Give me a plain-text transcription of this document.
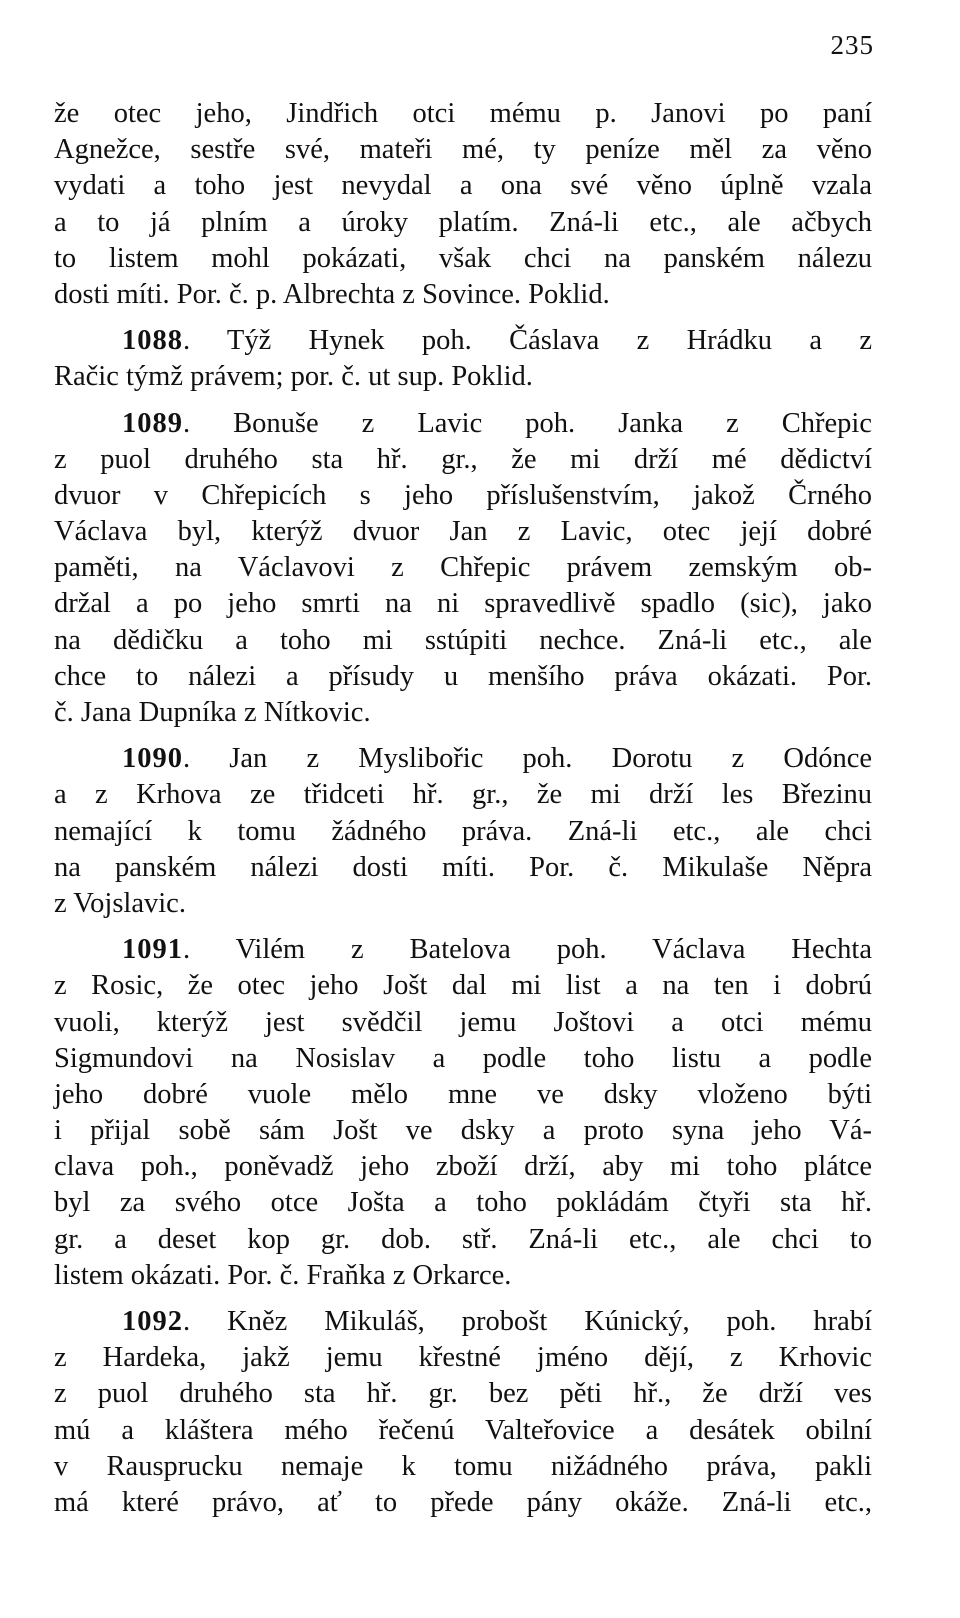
235
že otec jeho, Jindřich otci mému p. Janovi po paní
Agnežce, sestře své, mateři mé, ty peníze měl za věno
vydati a toho jest nevydal a ona své věno úplně vzala
a to já plním a úroky platím. Zná-li etc., ale ačbych
to listem mohl pokázati, však chci na panském nálezu
dosti míti. Por. č. p. Albrechta z Sovince. Poklid.
1088. Týž Hynek poh. Čáslava z Hrádku a z
Račic týmž právem; por. č. ut sup. Poklid.
1089. Bonuše z Lavic poh. Janka z Chřepic
z puol druhého sta hř. gr., že mi drží mé dědictví
dvuor v Chřepicích s jeho příslušenstvím, jakož Črného
Václava byl, kterýž dvuor Jan z Lavic, otec její dobré
paměti, na Václavovi z Chřepic právem zemským ob-
držal a po jeho smrti na ni spravedlivě spadlo (sic), jako
na dědičku a toho mi sstúpiti nechce. Zná-li etc., ale
chce to nálezi a přísudy u menšího práva okázati. Por.
č. Jana Dupníka z Nítkovic.
1090. Jan z Myslibořic poh. Dorotu z Odónce
a z Krhova ze třidceti hř. gr., že mi drží les Březinu
nemající k tomu žádného práva. Zná-li etc., ale chci
na panském nálezi dosti míti. Por. č. Mikulaše Něpra
z Vojslavic.
1091. Vilém z Batelova poh. Václava Hechta
z Rosic, že otec jeho Jošt dal mi list a na ten i dobrú
vuoli, kterýž jest svědčil jemu Joštovi a otci mému
Sigmundovi na Nosislav a podle toho listu a podle
jeho dobré vuole mělo mne ve dsky vloženo býti
i přijal sobě sám Jošt ve dsky a proto syna jeho Vá-
clava poh., poněvadž jeho zboží drží, aby mi toho plátce
byl za svého otce Jošta a toho pokládám čtyři sta hř.
gr. a deset kop gr. dob. stř. Zná-li etc., ale chci to
listem okázati. Por. č. Fraňka z Orkarce.
1092. Kněz Mikuláš, probošt Kúnický, poh. hrabí
z Hardeka, jakž jemu křestné jméno dějí, z Krhovic
z puol druhého sta hř. gr. bez pěti hř., že drží ves
mú a kláštera mého řečenú Valteřovice a desátek obilní
v Rausprucku nemaje k tomu nižádného práva, pakli
má které právo, ať to přede pány okáže. Zná-li etc.,
